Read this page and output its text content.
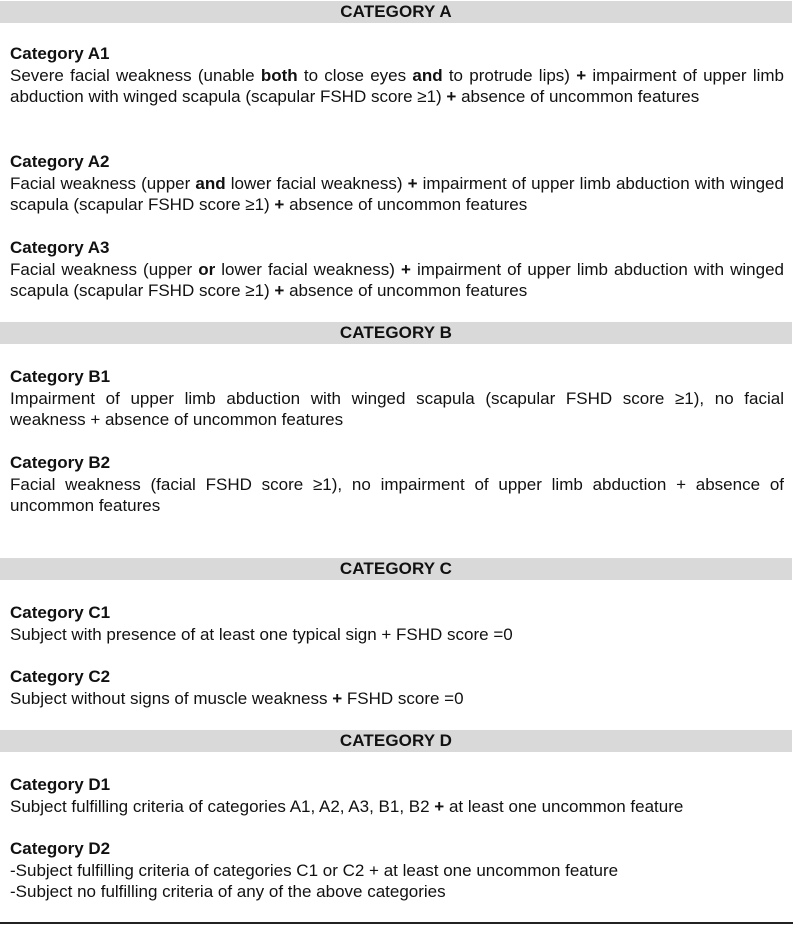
CATEGORY A
Category A1
Severe facial weakness (unable both to close eyes and to protrude lips) + impairment of upper limb abduction with winged scapula (scapular FSHD score ≥1) + absence of uncommon features
Category A2
Facial weakness (upper and lower facial weakness) + impairment of upper limb abduction with winged scapula (scapular FSHD score ≥1) + absence of uncommon features
Category A3
Facial weakness (upper or lower facial weakness) + impairment of upper limb abduction with winged scapula (scapular FSHD score ≥1) + absence of uncommon features
CATEGORY B
Category B1
Impairment of upper limb abduction with winged scapula (scapular FSHD score ≥1), no facial weakness + absence of uncommon features
Category B2
Facial weakness (facial FSHD score ≥1), no impairment of upper limb abduction + absence of uncommon features
CATEGORY C
Category C1
Subject with presence of at least one typical sign + FSHD score =0
Category C2
Subject without signs of muscle weakness + FSHD score =0
CATEGORY D
Category D1
Subject fulfilling criteria of categories A1, A2, A3, B1, B2 + at least one uncommon feature
Category D2
-Subject fulfilling criteria of categories C1 or C2 + at least one uncommon feature
-Subject no fulfilling criteria of any of the above categories
